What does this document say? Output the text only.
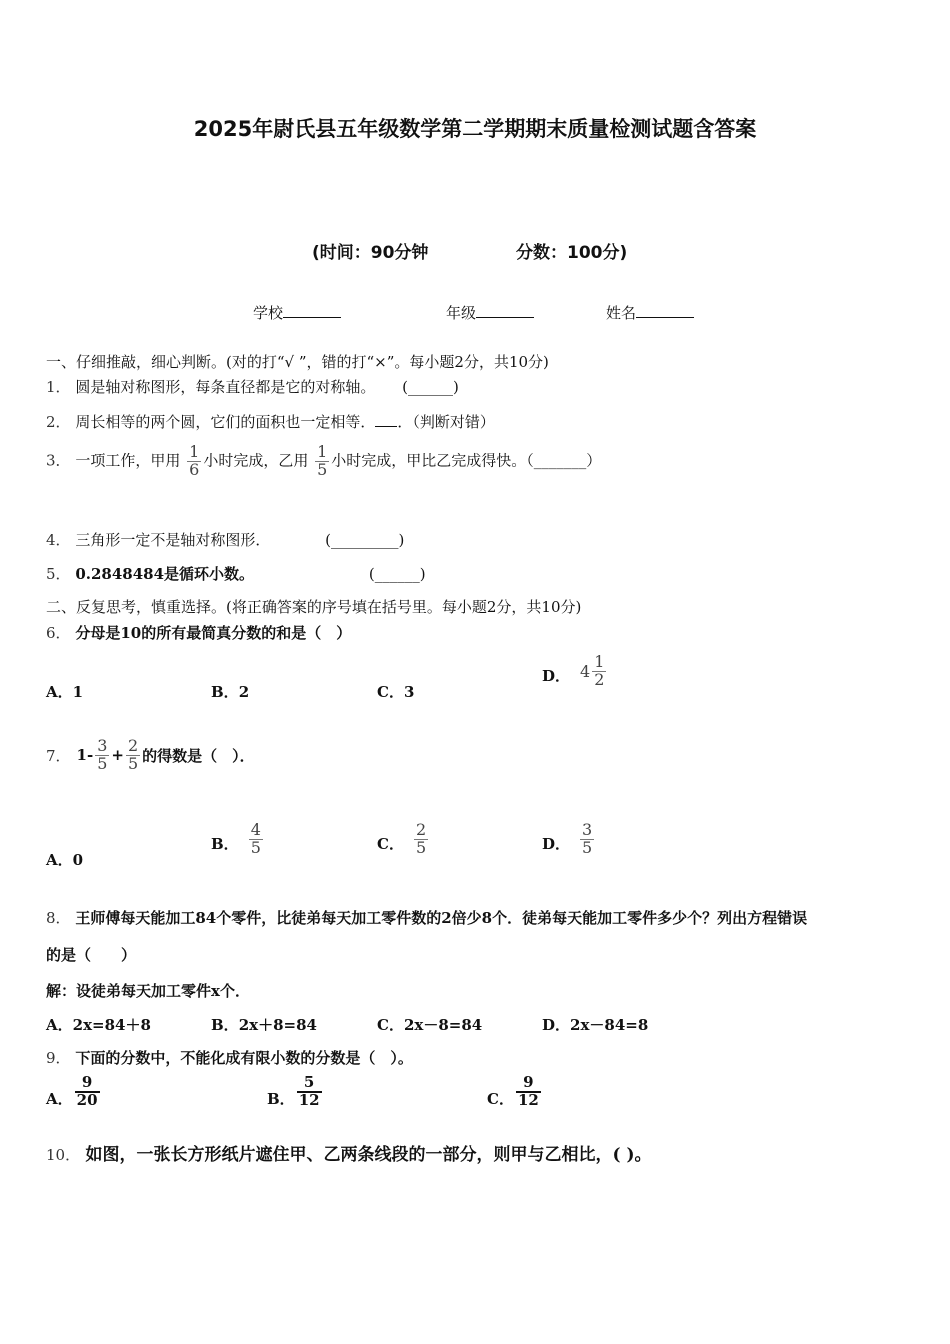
2025年尉氏县五年级数学第二学期期末质量检测试题含答案
(时间：90分钟	分数：100分)
学校	年级	姓名
一、仔细推敲，细心判断。(对的打“√ ”，错的打“×”。每小题2分，共10分)
1． 圆是轴对称图形，每条直径都是它的对称轴。 (______)
2． 周长相等的两个圆，它们的面积也一定相等． ．（判断对错）
3． 一项工作，甲用 $\frac{1}{6}$ 小时完成，乙用 $\frac{1}{5}$ 小时完成，甲比乙完成得快。（_______）
4． 三角形一定不是轴对称图形．	(_________)
5． 0.2848484是循环小数。	(______)
二、反复思考，慎重选择。(将正确答案的序号填在括号里。每小题2分，共10分)
6． 分母是10的所有最简真分数的和是（　）
A．1	B．2	C．3
D． $4 \frac{1}{2}$
7． $1- \frac{3}{5} + \frac{2}{5}$ 的得数是（　）．
A．0
B． $\frac{4}{5}$	C． $\frac{2}{5}$	D． $\frac{3}{5}$
8． 王师傅每天能加工84个零件，比徒弟每天加工零件数的2倍少8个．徒弟每天能加工零件多少个？列出方程错误
的是（　　）
解：设徒弟每天加工零件x个．
A．2x=84＋8	B．2x＋8=84	C．2x－8=84	D．2x－84=8
9． 下面的分数中，不能化成有限小数的分数是（　）。
A． $\frac{9}{20}$	B． $\frac{5}{12}$	C． $\frac{9}{12}$
10． 如图，一张长方形纸片遮住甲、乙两条线段的一部分，则甲与乙相比，( )。
